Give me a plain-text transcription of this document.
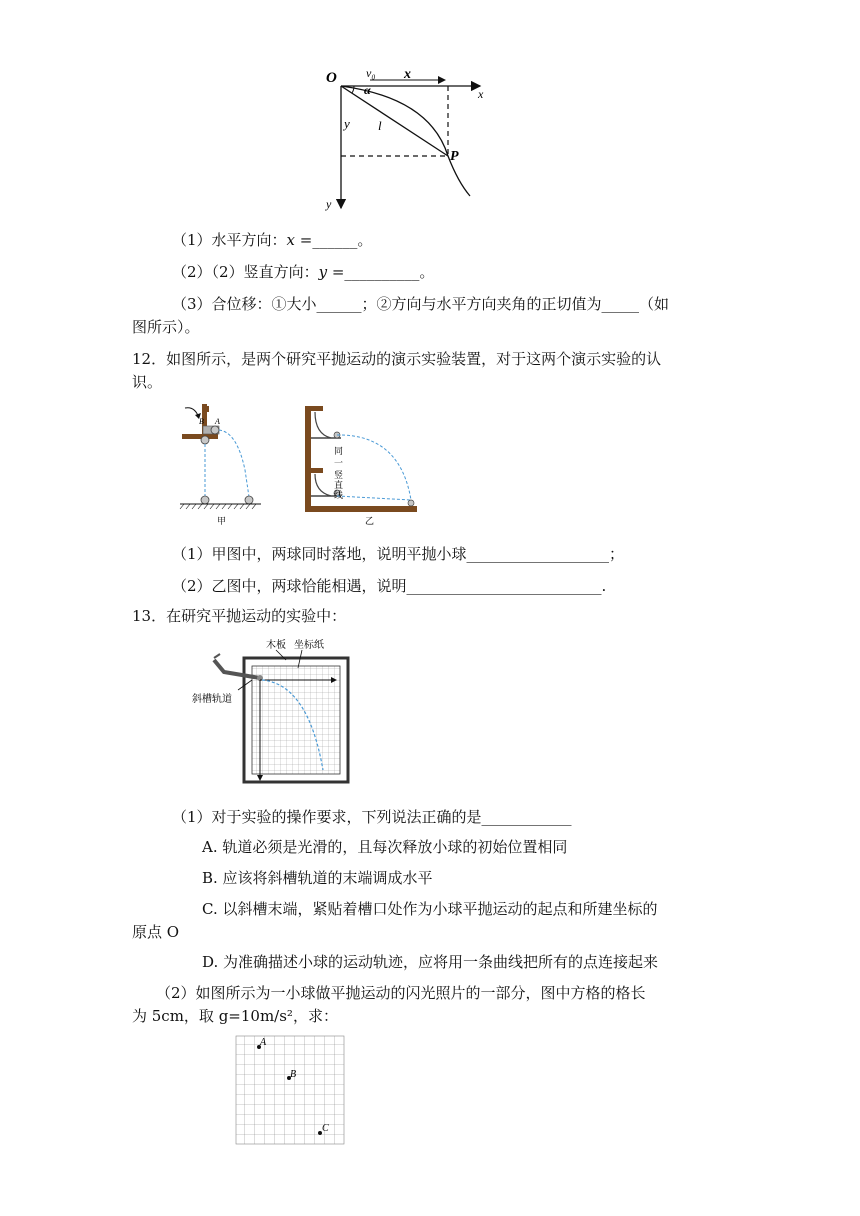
O v₀ x
x
α
y l
P
y
（1）水平方向：𝑥 =______。
（2）（2）竖直方向：𝑦 =__________。
（3）合位移：①大小______；②方向与水平方向夹角的正切值为_____（如
图所示）。
12．如图所示，是两个研究平抛运动的演示实验装置，对于这两个演示实验的认
识。
B A
甲
同
一
竖
直
线
乙
（1）甲图中，两球同时落地，说明平抛小球___________________；
（2）乙图中，两球恰能相遇，说明__________________________.
13．在研究平抛运动的实验中：
木板 坐标纸
斜槽轨道
（1）对于实验的操作要求，下列说法正确的是____________
A. 轨道必须是光滑的，且每次释放小球的初始位置相同
B. 应该将斜槽轨道的末端调成水平
C. 以斜槽末端，紧贴着槽口处作为小球平抛运动的起点和所建坐标的
原点 O
D. 为准确描述小球的运动轨迹，应将用一条曲线把所有的点连接起来
（2）如图所示为一小球做平抛运动的闪光照片的一部分，图中方格的格长
为 5cm，取 g=10m/s²，求：
A
B
C
